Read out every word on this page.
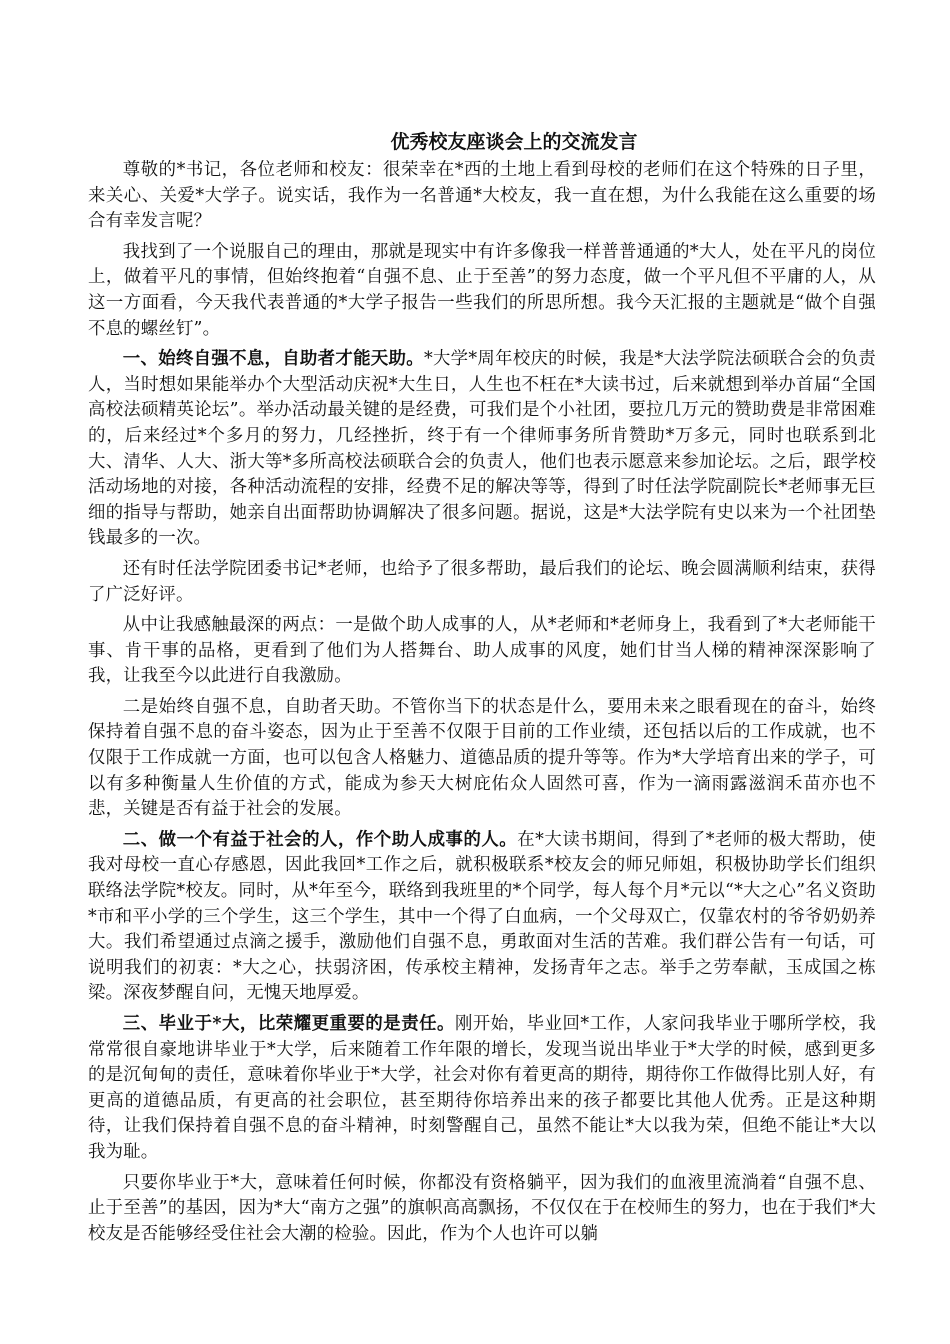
优秀校友座谈会上的交流发言

尊敬的*书记，各位老师和校友：很荣幸在*西的土地上看到母校的老师们在这个特殊的日子里，来关心、关爱*大学子。说实话，我作为一名普通*大校友，我一直在想，为什么我能在这么重要的场合有幸发言呢？

我找到了一个说服自己的理由，那就是现实中有许多像我一样普普通通的*大人，处在平凡的岗位上，做着平凡的事情，但始终抱着“自强不息、止于至善”的努力态度，做一个平凡但不平庸的人，从这一方面看，今天我代表普通的*大学子报告一些我们的所思所想。我今天汇报的主题就是“做个自强不息的螺丝钉”。

一、始终自强不息，自助者才能天助。*大学*周年校庆的时候，我是*大法学院法硕联合会的负责人，当时想如果能举办个大型活动庆祝*大生日，人生也不枉在*大读书过，后来就想到举办首届“全国高校法硕精英论坛”。举办活动最关键的是经费，可我们是个小社团，要拉几万元的赞助费是非常困难的，后来经过*个多月的努力，几经挫折，终于有一个律师事务所肯赞助*万多元，同时也联系到北大、清华、人大、浙大等*多所高校法硕联合会的负责人，他们也表示愿意来参加论坛。之后，跟学校活动场地的对接，各种活动流程的安排，经费不足的解决等等，得到了时任法学院副院长*老师事无巨细的指导与帮助，她亲自出面帮助协调解决了很多问题。据说，这是*大法学院有史以来为一个社团垫钱最多的一次。

还有时任法学院团委书记*老师，也给予了很多帮助，最后我们的论坛、晚会圆满顺利结束，获得了广泛好评。

从中让我感触最深的两点：一是做个助人成事的人，从*老师和*老师身上，我看到了*大老师能干事、肯干事的品格，更看到了他们为人搭舞台、助人成事的风度，她们甘当人梯的精神深深影响了我，让我至今以此进行自我激励。

二是始终自强不息，自助者天助。不管你当下的状态是什么，要用未来之眼看现在的奋斗，始终保持着自强不息的奋斗姿态，因为止于至善不仅限于目前的工作业绩，还包括以后的工作成就，也不仅限于工作成就一方面，也可以包含人格魅力、道德品质的提升等等。作为*大学培育出来的学子，可以有多种衡量人生价值的方式，能成为参天大树庇佑众人固然可喜，作为一滴雨露滋润禾苗亦也不悲，关键是否有益于社会的发展。

二、做一个有益于社会的人，作个助人成事的人。在*大读书期间，得到了*老师的极大帮助，使我对母校一直心存感恩，因此我回*工作之后，就积极联系*校友会的师兄师姐，积极协助学长们组织联络法学院*校友。同时，从*年至今，联络到我班里的*个同学，每人每个月*元以“*大之心”名义资助*市和平小学的三个学生，这三个学生，其中一个得了白血病，一个父母双亡，仅靠农村的爷爷奶奶养大。我们希望通过点滴之援手，激励他们自强不息，勇敢面对生活的苦难。我们群公告有一句话，可说明我们的初衷：*大之心，扶弱济困，传承校主精神，发扬青年之志。举手之劳奉献，玉成国之栋梁。深夜梦醒自问，无愧天地厚爱。

三、毕业于*大，比荣耀更重要的是责任。刚开始，毕业回*工作，人家问我毕业于哪所学校，我常常很自豪地讲毕业于*大学，后来随着工作年限的增长，发现当说出毕业于*大学的时候，感到更多的是沉甸甸的责任，意味着你毕业于*大学，社会对你有着更高的期待，期待你工作做得比别人好，有更高的道德品质，有更高的社会职位，甚至期待你培养出来的孩子都要比其他人优秀。正是这种期待，让我们保持着自强不息的奋斗精神，时刻警醒自己，虽然不能让*大以我为荣，但绝不能让*大以我为耻。

只要你毕业于*大，意味着任何时候，你都没有资格躺平，因为我们的血液里流淌着“自强不息、止于至善”的基因，因为*大“南方之强”的旗帜高高飘扬，不仅仅在于在校师生的努力，也在于我们*大校友是否能够经受住社会大潮的检验。因此，作为个人也许可以躺
